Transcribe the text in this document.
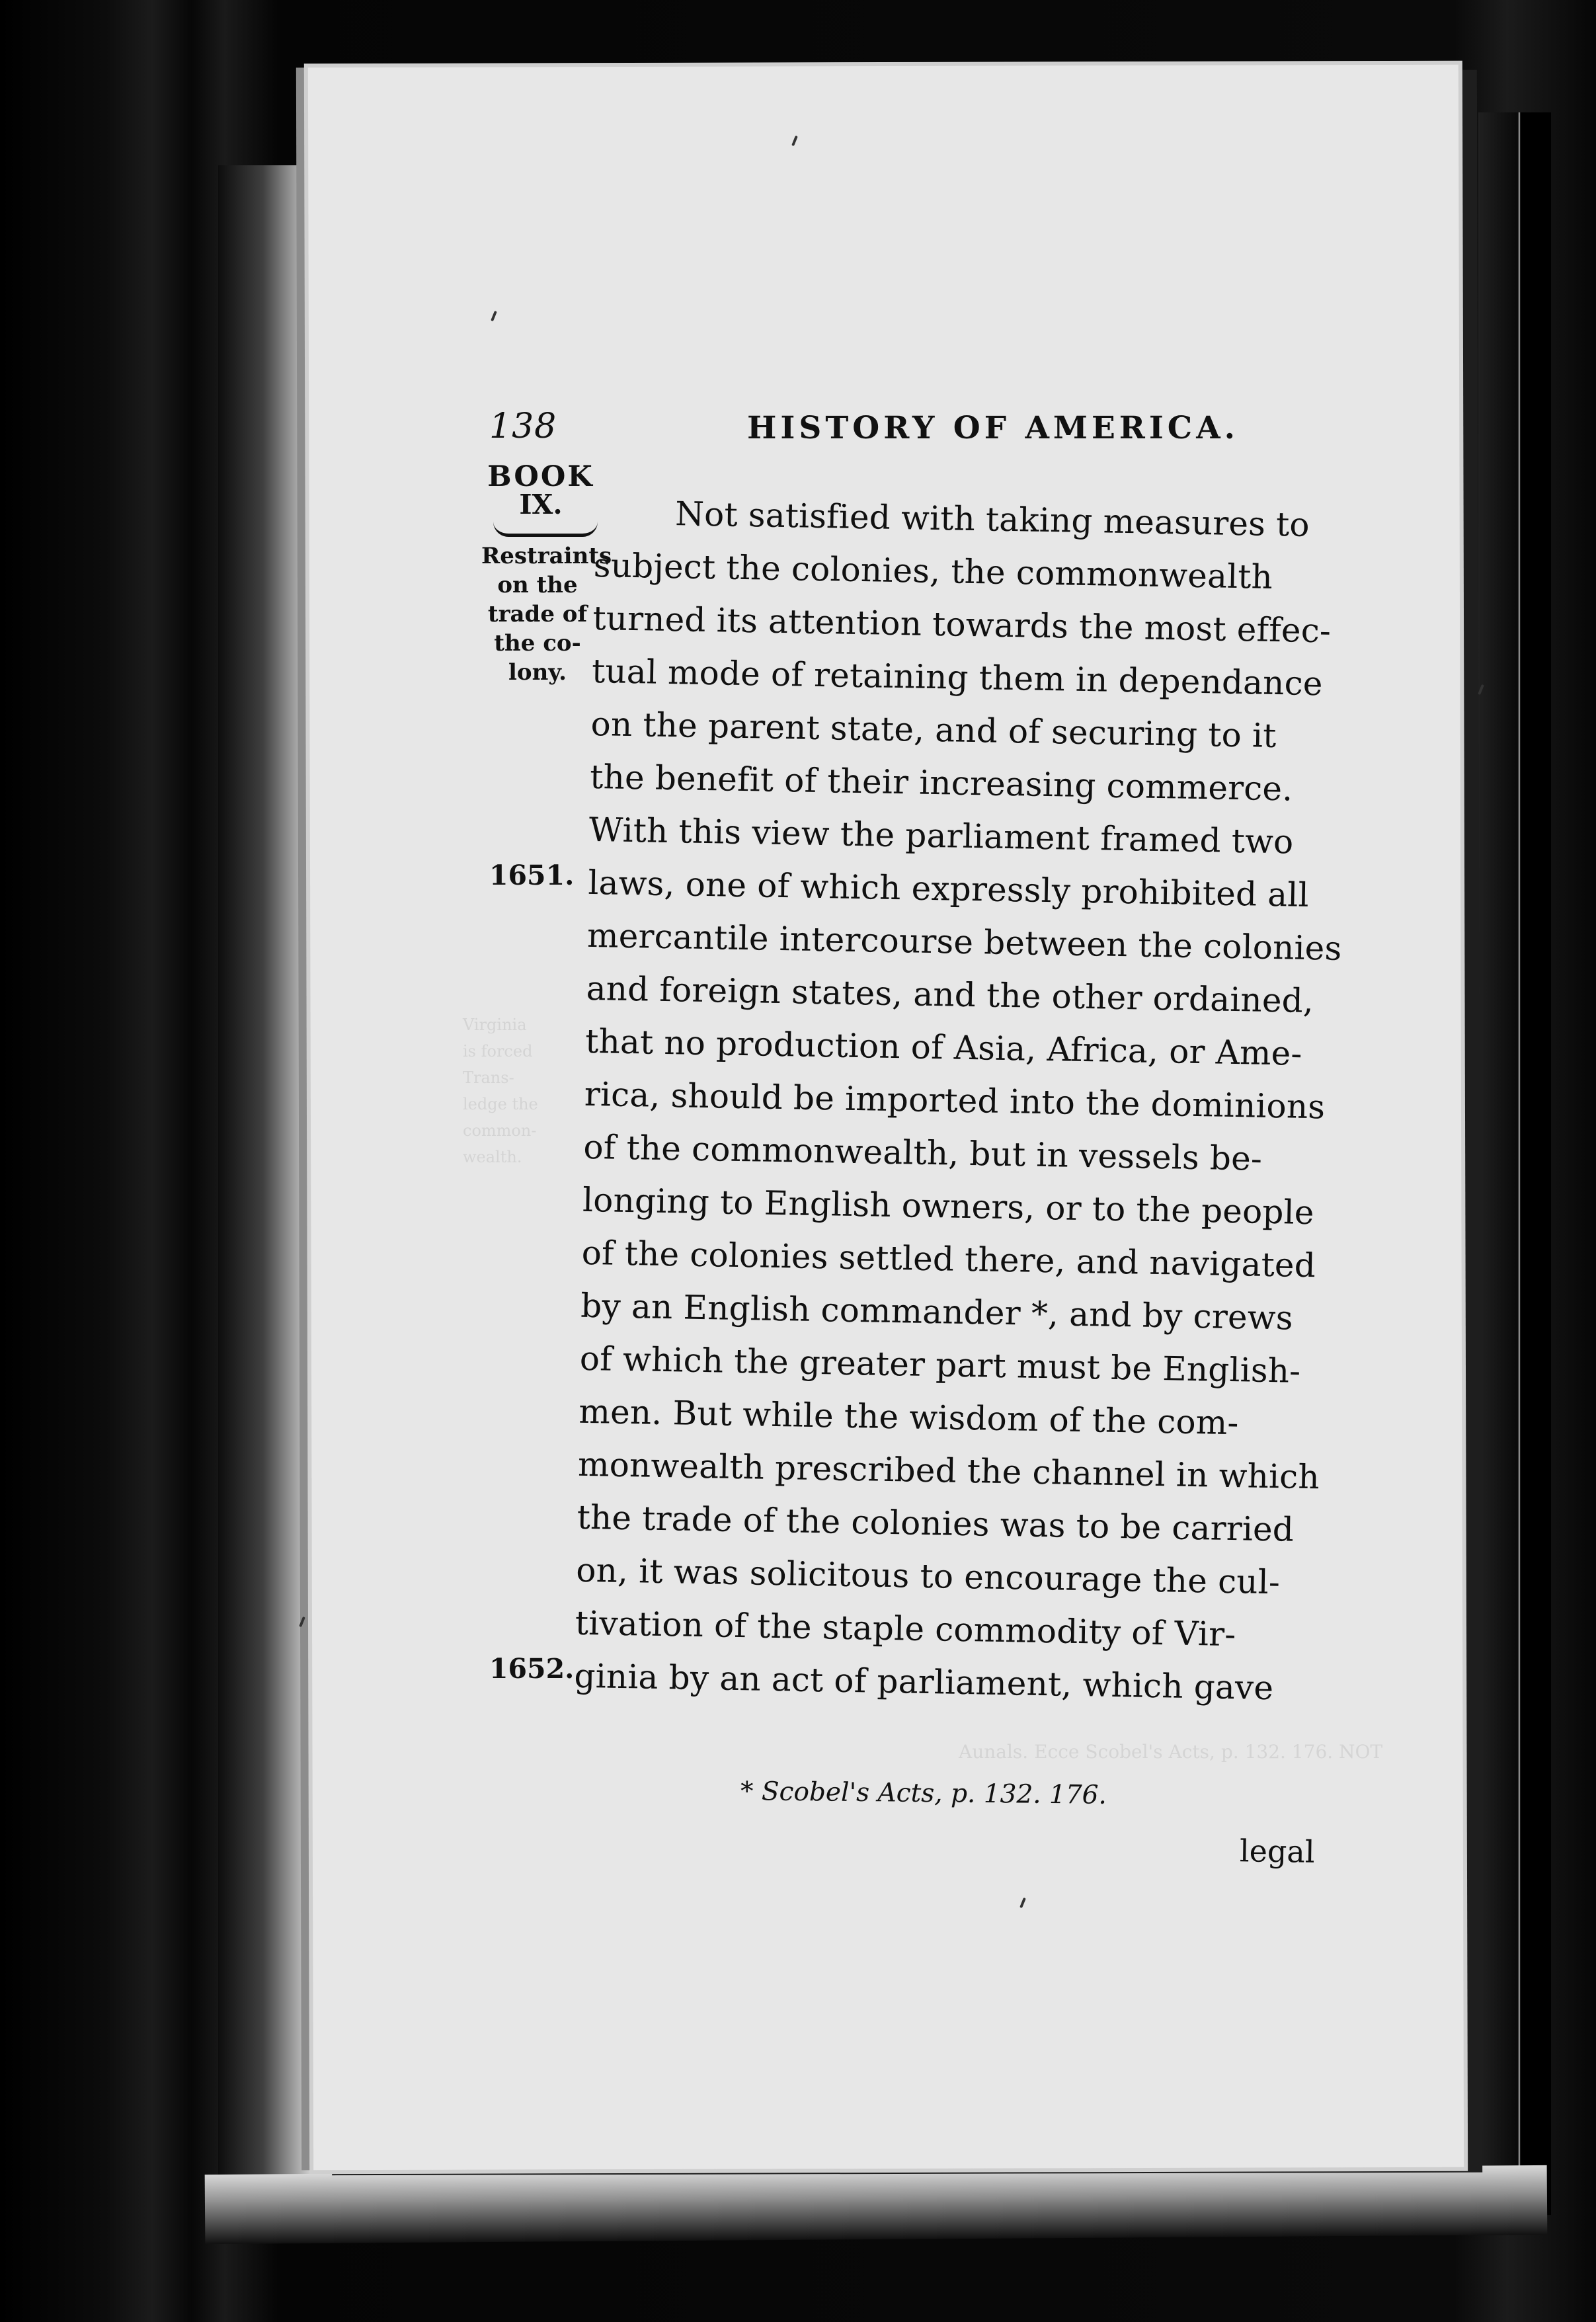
Virginia
is forced
Trans-
ledge the
common-
wealth.
Aunals. Ecce Scobel's Acts, p. 132. 176. NOT
138	HISTORY OF AMERICA.
BOOK
IX.
Restraints
on the
trade of
the co-
lony.
1651.
1652.
Not satisfied with taking measures to
subject the colonies, the commonwealth
turned its attention towards the most effec-
tual mode of retaining them in dependance
on the parent state, and of securing to it
the benefit of their increasing commerce.
With this view the parliament framed two
laws, one of which expressly prohibited all
mercantile intercourse between the colonies
and foreign states, and the other ordained,
that no production of Asia, Africa, or Ame-
rica, should be imported into the dominions
of the commonwealth, but in vessels be-
longing to English owners, or to the people
of the colonies settled there, and navigated
by an English commander *, and by crews
of which the greater part must be English-
men. But while the wisdom of the com-
monwealth prescribed the channel in which
the trade of the colonies was to be carried
on, it was solicitous to encourage the cul-
tivation of the staple commodity of Vir-
ginia by an act of parliament, which gave
* Scobel's Acts, p. 132. 176.
legal
